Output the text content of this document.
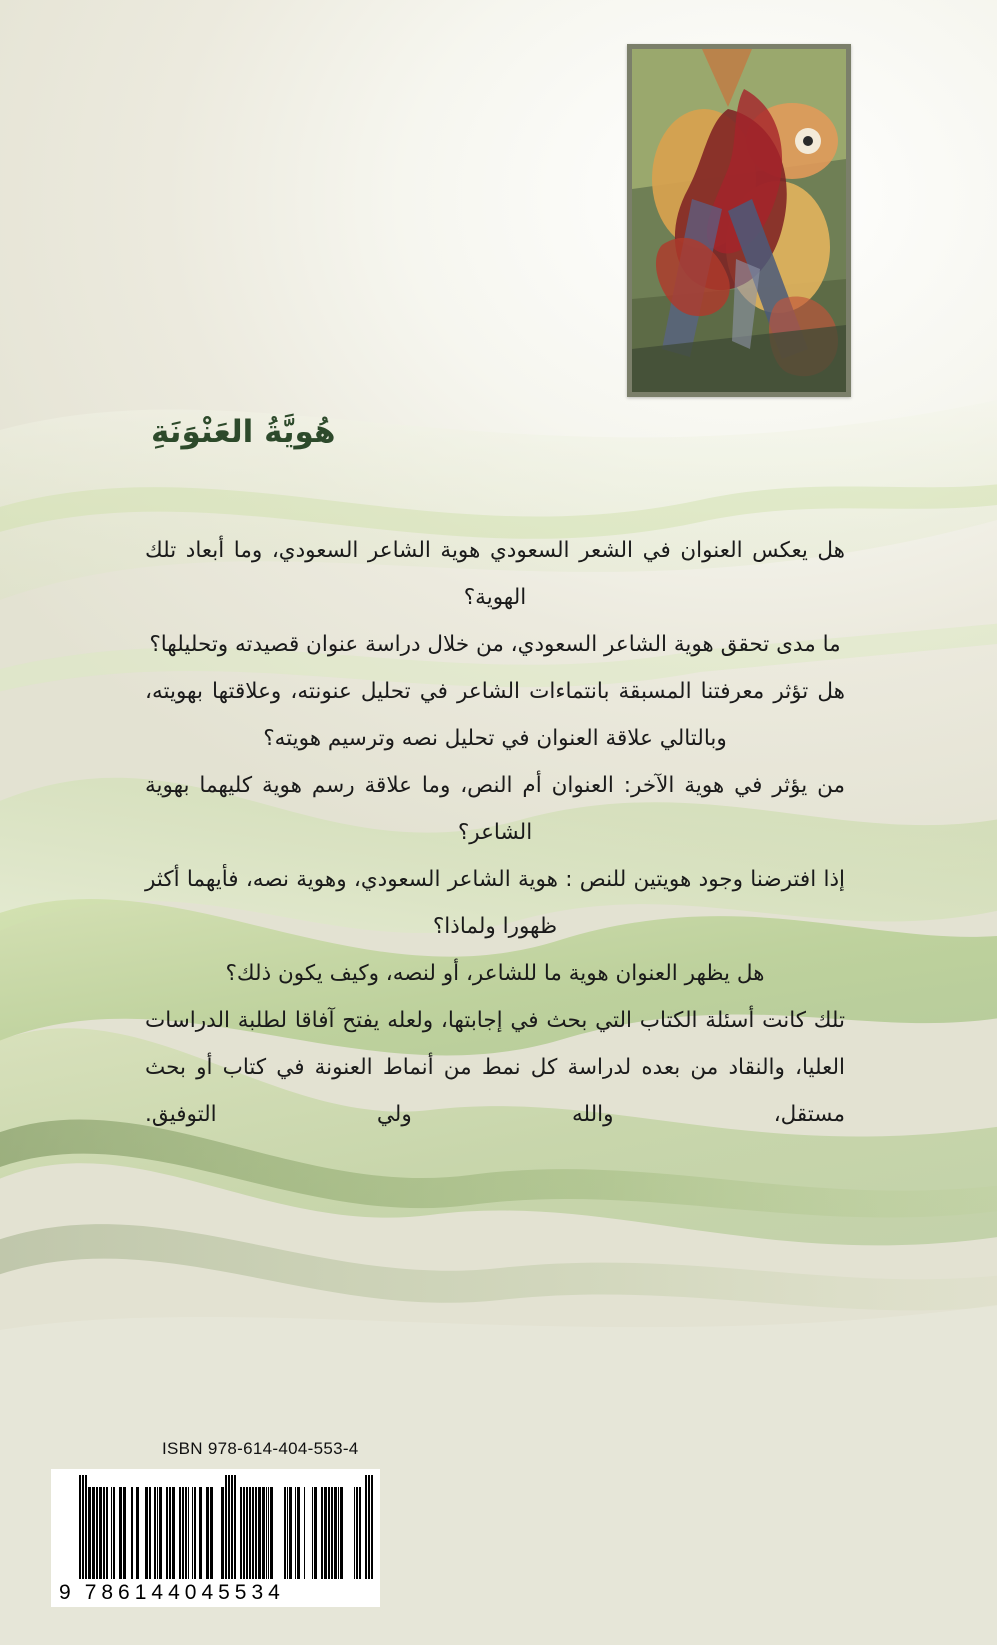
هُويَّةُ العَنْوَنَةِ

هل يعكس العنوان في الشعر السعودي هوية الشاعر السعودي، وما أبعاد تلك الهوية؟

ما مدى تحقق هوية الشاعر السعودي، من خلال دراسة عنوان قصيدته وتحليلها؟

هل تؤثر معرفتنا المسبقة بانتماءات الشاعر في تحليل عنونته، وعلاقتها بهويته، وبالتالي علاقة العنوان في تحليل نصه وترسيم هويته؟

من يؤثر في هوية الآخر: العنوان أم النص، وما علاقة رسم هوية كليهما بهوية الشاعر؟

إذا افترضنا وجود هويتين للنص : هوية الشاعر السعودي، وهوية نصه، فأيهما أكثر ظهورا ولماذا؟

هل يظهر العنوان هوية ما للشاعر، أو لنصه، وكيف يكون ذلك؟

تلك كانت أسئلة الكتاب التي بحث في إجابتها، ولعله يفتح آفاقا لطلبة الدراسات العليا، والنقاد من بعده لدراسة كل نمط من أنماط العنونة في كتاب أو بحث مستقل، والله ولي التوفيق.

ISBN 978-614-404-553-4
9 786144045534
